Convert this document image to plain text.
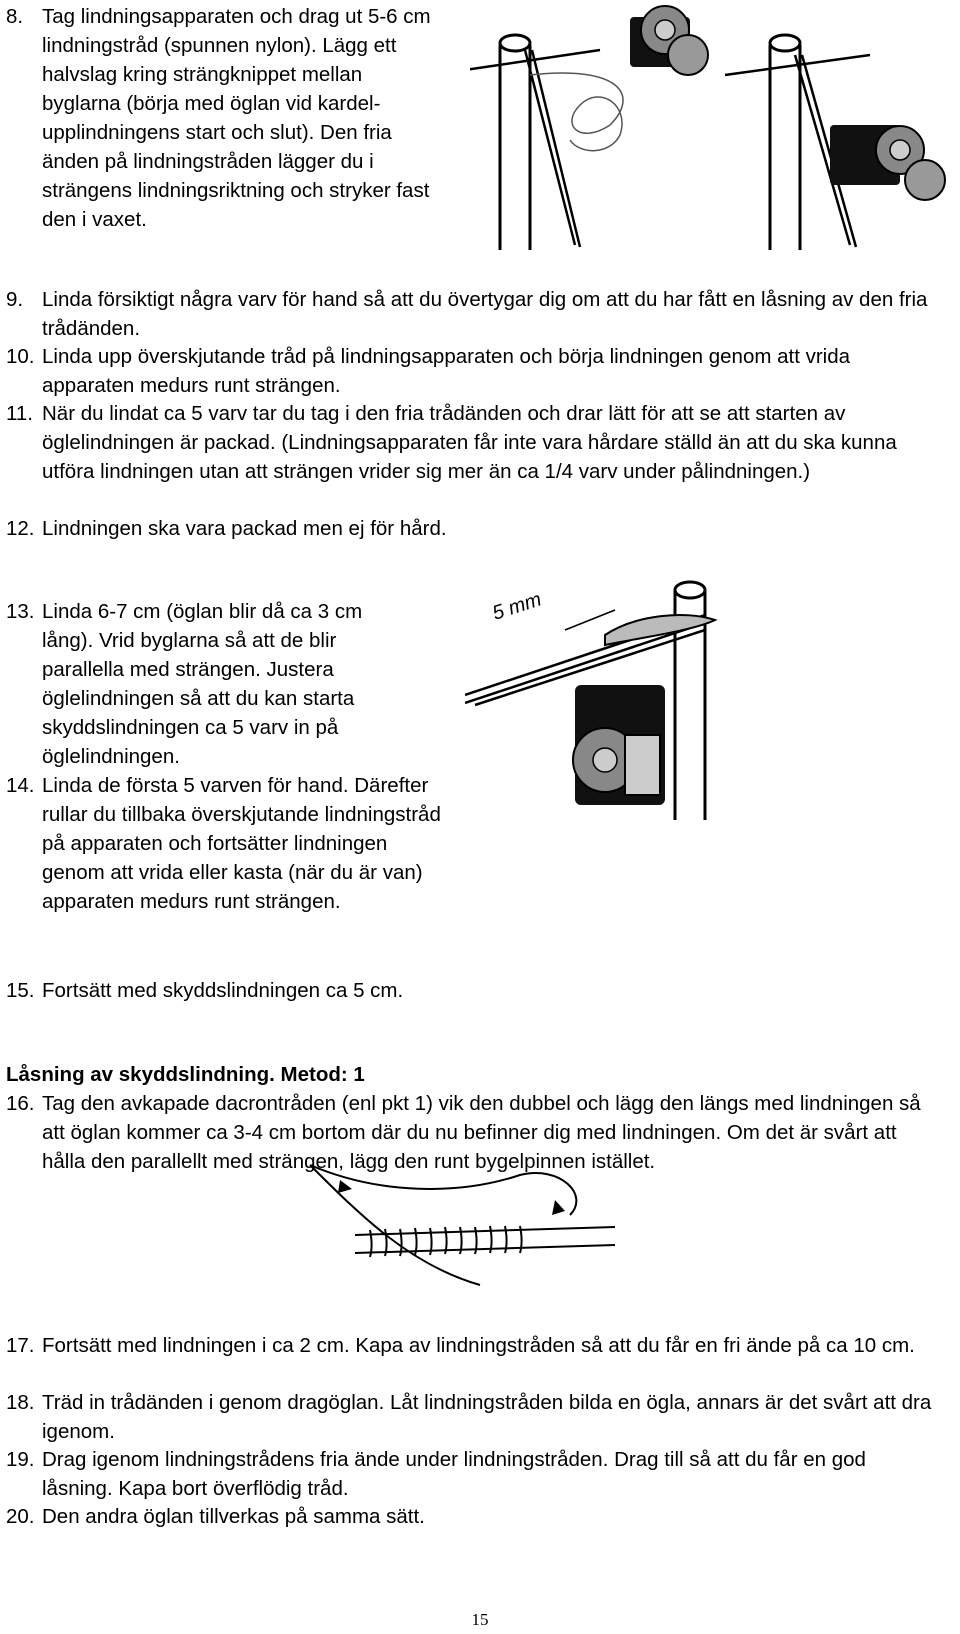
8. Tag lindningsapparaten och drag ut 5-6 cm lindningstråd (spunnen nylon). Lägg ett halvslag kring strängknippet mellan byglarna (börja med öglan vid kardel-upplindningens start och slut). Den fria änden på lindningstråden lägger du i strängens lindningsriktning och stryker fast den i vaxet.
9. Linda försiktigt några varv för hand så att du övertygar dig om att du har fått en låsning av den fria trådänden.
10. Linda upp överskjutande tråd på lindningsapparaten och börja lindningen genom att vrida apparaten medurs runt strängen.
11. När du lindat ca 5 varv tar du tag i den fria trådänden och drar lätt för att se att starten av öglelindningen är packad. (Lindningsapparaten får inte vara hårdare ställd än att du ska kunna utföra lindningen utan att strängen vrider sig mer än ca 1/4 varv under pålindningen.)
12. Lindningen ska vara packad men ej för hård.
13. Linda 6-7 cm (öglan blir då ca 3 cm lång). Vrid byglarna så att de blir parallella med strängen. Justera öglelindningen så att du kan starta skyddslindningen ca 5 varv in på öglelindningen.
14. Linda de första 5 varven för hand. Därefter rullar du tillbaka överskjutande lindningstråd på apparaten och fortsätter lindningen genom att vrida eller kasta (när du är van) apparaten medurs runt strängen.
15. Fortsätt med skyddslindningen ca 5 cm.
Låsning av skyddslindning. Metod: 1
16. Tag den avkapade dacrontråden (enl pkt 1) vik den dubbel och lägg den längs med lindningen så att öglan kommer ca 3-4 cm bortom där du nu befinner dig med lindningen. Om det är svårt att hålla den parallellt med strängen, lägg den runt bygelpinnen istället.
17. Fortsätt med lindningen i ca 2 cm. Kapa av lindningstråden så att du får en fri ände på ca 10 cm.
18. Träd in trådänden i genom dragöglan. Låt lindningstråden bilda en ögla, annars är det svårt att dra igenom.
19. Drag igenom lindningstrådens fria ände under lindningstråden. Drag till så att du får en god låsning. Kapa bort överflödig tråd.
20. Den andra öglan tillverkas på samma sätt.
15
5 mm
